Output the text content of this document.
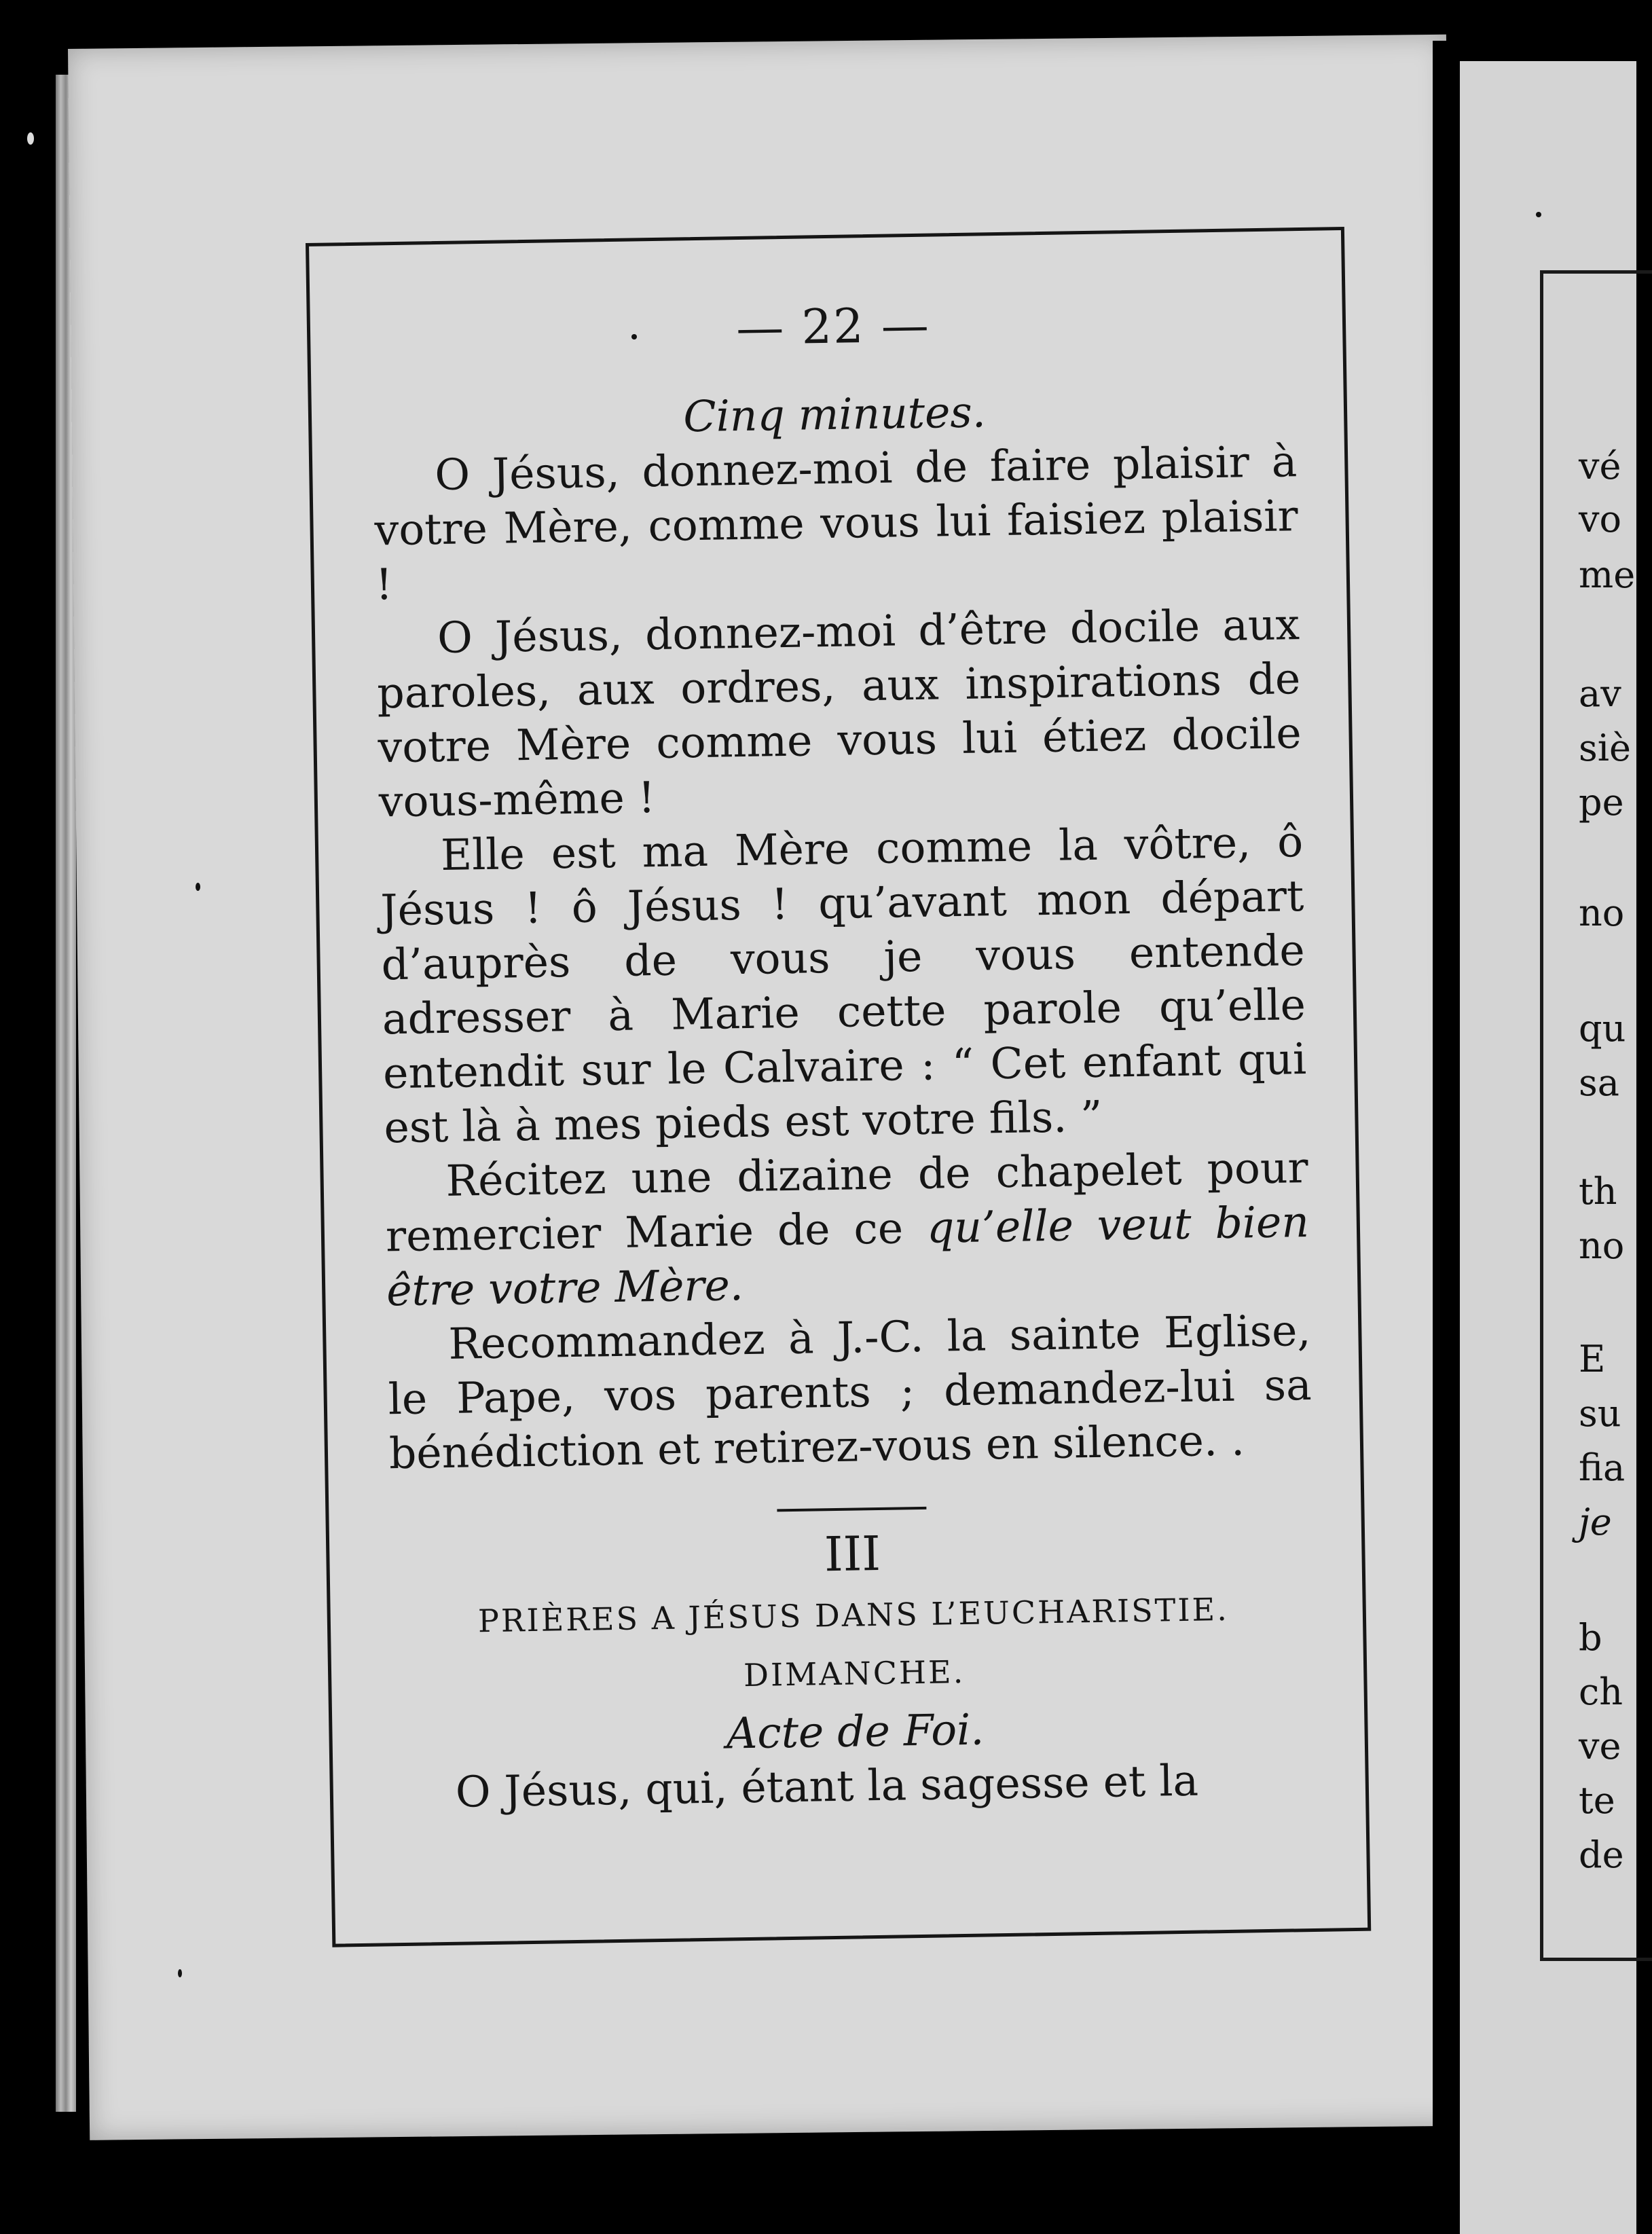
vé
vo
me
av
siè
pe
no
qu
sa
th
no
E
su
fia
je
b
ch
ve
te
de
— 22 —

Cinq minutes.

O Jésus, donnez-moi de faire plaisir à votre Mère, comme vous lui faisiez plaisir !

O Jésus, donnez-moi d’être docile aux paroles, aux ordres, aux inspirations de votre Mère comme vous lui étiez docile vous-même !

Elle est ma Mère comme la vôtre, ô Jésus ! ô Jésus ! qu’avant mon départ d’auprès de vous je vous entende adresser à Marie cette parole qu’elle entendit sur le Calvaire : “ Cet enfant qui est là à mes pieds est votre fils. ”

Récitez une dizaine de chapelet pour remercier Marie de ce qu’elle veut bien être votre Mère.

Recommandez à J.-C. la sainte Eglise, le Pape, vos parents ; demandez-lui sa bénédiction et retirez-vous en silence. .

III

PRIÈRES A JÉSUS DANS L’EUCHARISTIE.

DIMANCHE.

Acte de Foi.

O Jésus, qui, étant la sagesse et la
